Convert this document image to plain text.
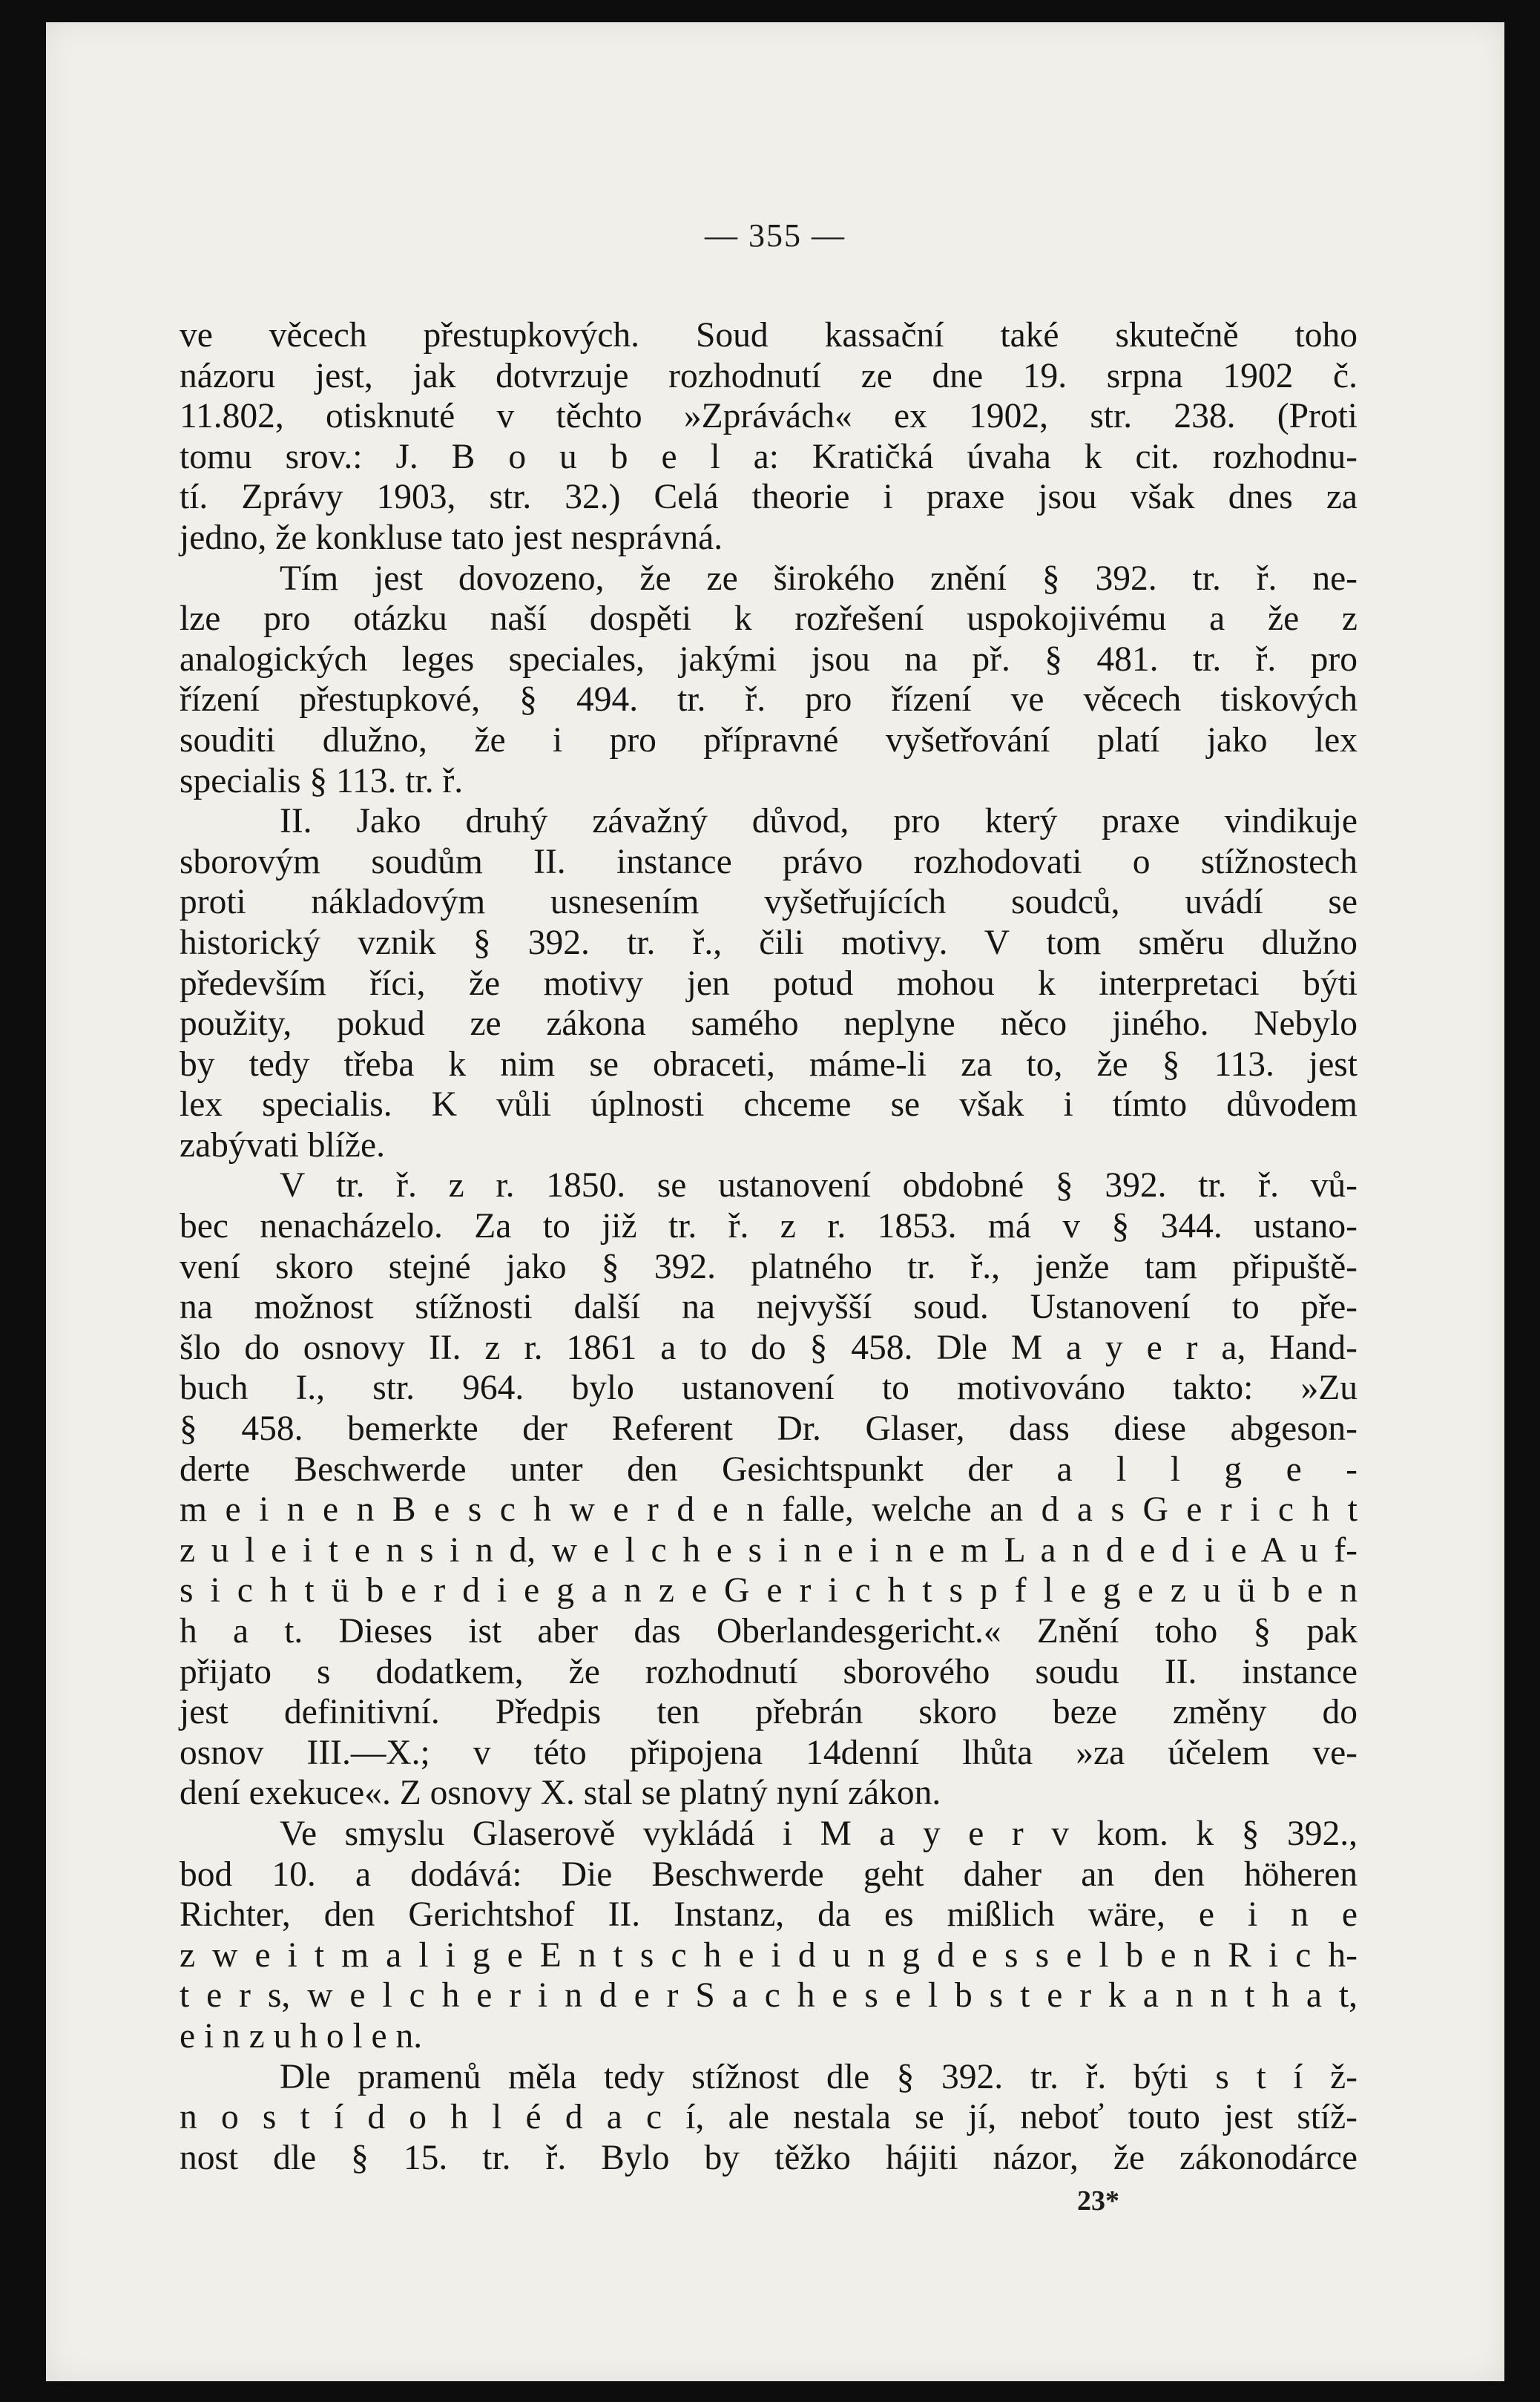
— 355 —
ve věcech přestupkových. Soud kassační také skutečně toho
názoru jest, jak dotvrzuje rozhodnutí ze dne 19. srpna 1902 č.
11.802, otisknuté v těchto »Zprávách« ex 1902, str. 238. (Proti
tomu srov.: J. B o u b e l a: Kratičká úvaha k cit. rozhodnu-
tí. Zprávy 1903, str. 32.) Celá theorie i praxe jsou však dnes za
jedno, že konkluse tato jest nesprávná.
Tím jest dovozeno, že ze širokého znění § 392. tr. ř. ne-
lze pro otázku naší dospěti k rozřešení uspokojivému a že z
analogických leges speciales, jakými jsou na př. § 481. tr. ř. pro
řízení přestupkové, § 494. tr. ř. pro řízení ve věcech tiskových
souditi dlužno, že i pro přípravné vyšetřování platí jako lex
specialis § 113. tr. ř.
II. Jako druhý závažný důvod, pro který praxe vindikuje
sborovým soudům II. instance právo rozhodovati o stížnostech
proti nákladovým usnesením vyšetřujících soudců, uvádí se
historický vznik § 392. tr. ř., čili motivy. V tom směru dlužno
především říci, že motivy jen potud mohou k interpretaci býti
použity, pokud ze zákona samého neplyne něco jiného. Nebylo
by tedy třeba k nim se obraceti, máme-li za to, že § 113. jest
lex specialis. K vůli úplnosti chceme se však i tímto důvodem
zabývati blíže.
V tr. ř. z r. 1850. se ustanovení obdobné § 392. tr. ř. vů-
bec nenacházelo. Za to již tr. ř. z r. 1853. má v § 344. ustano-
vení skoro stejné jako § 392. platného tr. ř., jenže tam připuště-
na možnost stížnosti další na nejvyšší soud. Ustanovení to pře-
šlo do osnovy II. z r. 1861 a to do § 458. Dle M a y e r a, Hand-
buch I., str. 964. bylo ustanovení to motivováno takto: »Zu
§ 458. bemerkte der Referent Dr. Glaser, dass diese abgeson-
derte Beschwerde unter den Gesichtspunkt der a l l g e -
m e i n e n B e s c h w e r d e n falle, welche an d a s G e r i c h t
z u l e i t e n s i n d, w e l c h e s i n e i n e m L a n d e d i e A u f-
s i c h t ü b e r d i e g a n z e G e r i c h t s p f l e g e z u ü b e n
h a t. Dieses ist aber das Oberlandesgericht.« Znění toho § pak
přijato s dodatkem, že rozhodnutí sborového soudu II. instance
jest definitivní. Předpis ten přebrán skoro beze změny do
osnov III.—X.; v této připojena 14denní lhůta »za účelem ve-
dení exekuce«. Z osnovy X. stal se platný nyní zákon.
Ve smyslu Glaserově vykládá i M a y e r v kom. k § 392.,
bod 10. a dodává: Die Beschwerde geht daher an den höheren
Richter, den Gerichtshof II. Instanz, da es mißlich wäre, e i n e
z w e i t m a l i g e E n t s c h e i d u n g d e s s e l b e n R i c h-
t e r s, w e l c h e r i n d e r S a c h e s e l b s t e r k a n n t h a t,
e i n z u h o l e n.
Dle pramenů měla tedy stížnost dle § 392. tr. ř. býti s t í ž-
n o s t í d o h l é d a c í, ale nestala se jí, neboť touto jest stíž-
nost dle § 15. tr. ř. Bylo by těžko hájiti názor, že zákonodárce
23*
